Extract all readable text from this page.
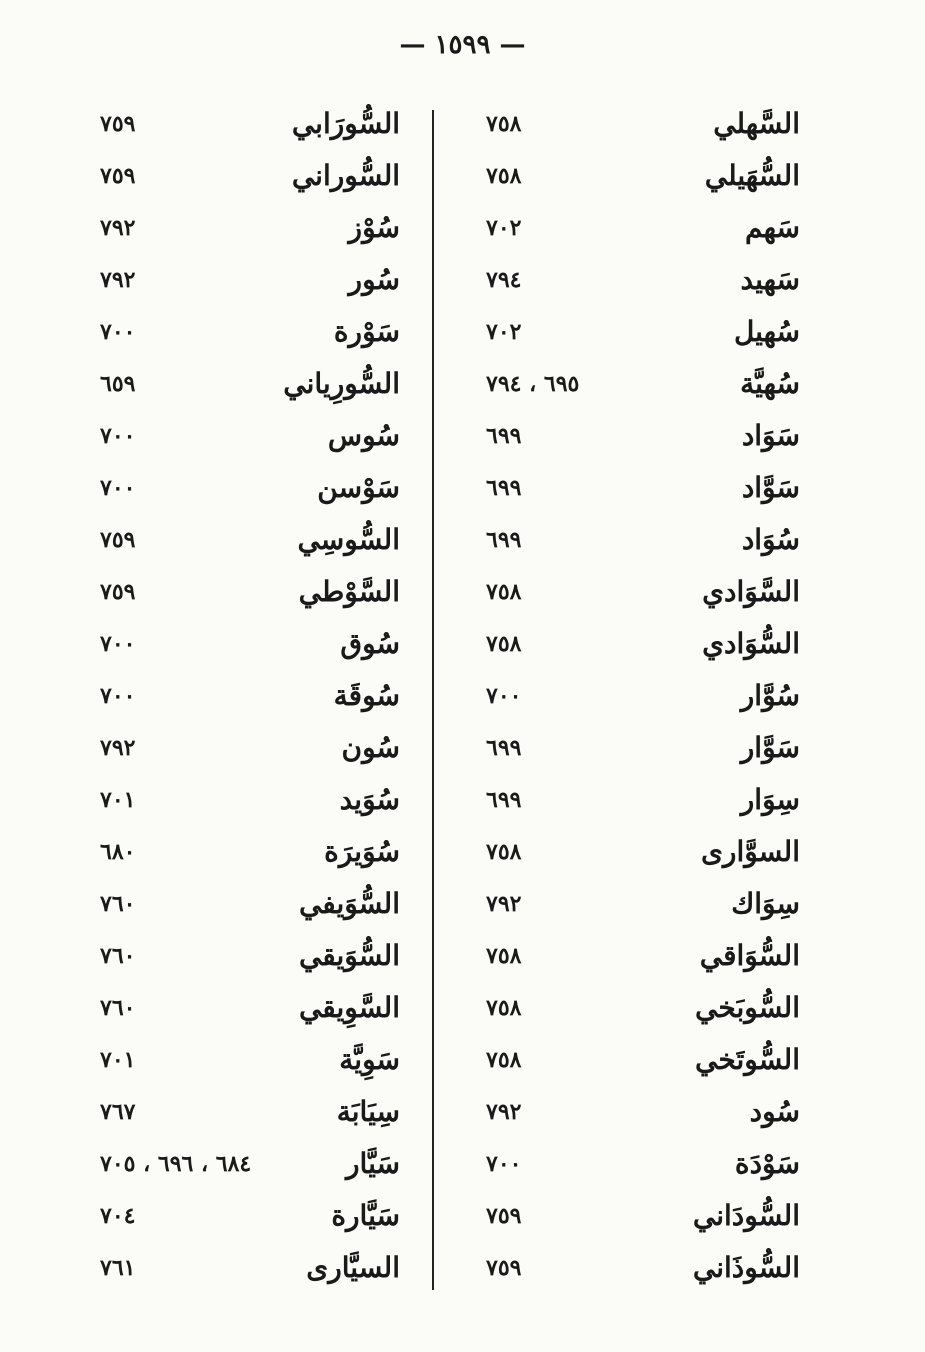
— ١٥٩٩ —
السَّهلي
٧٥٨
السُّهَيلي
٧٥٨
سَهم
٧٠٢
سَهيد
٧٩٤
سُهيل
٧٠٢
سُهيَّة
٦٩٥ ، ٧٩٤
سَوَاد
٦٩٩
سَوَّاد
٦٩٩
سُوَاد
٦٩٩
السَّوَادي
٧٥٨
السُّوَادي
٧٥٨
سُوَّار
٧٠٠
سَوَّار
٦٩٩
سِوَار
٦٩٩
السوَّارى
٧٥٨
سِوَاك
٧٩٢
السُّوَاقي
٧٥٨
السُّوبَخي
٧٥٨
السُّوتَخي
٧٥٨
سُود
٧٩٢
سَوْدَة
٧٠٠
السُّودَاني
٧٥٩
السُّوذَاني
٧٥٩
السُّورَابي
٧٥٩
السُّوراني
٧٥٩
سُوْز
٧٩٢
سُور
٧٩٢
سَوْرة
٧٠٠
السُّورِياني
٦٥٩
سُوس
٧٠٠
سَوْسن
٧٠٠
السُّوسِي
٧٥٩
السَّوْطي
٧٥٩
سُوق
٧٠٠
سُوقَة
٧٠٠
سُون
٧٩٢
سُوَيد
٧٠١
سُوَيرَة
٦٨٠
السُّوَيفي
٧٦٠
السُّوَيقي
٧٦٠
السَّوِيقي
٧٦٠
سَوِيَّة
٧٠١
سِيَابَة
٧٦٧
سَيَّار
٦٨٤ ، ٦٩٦ ، ٧٠٥
سَيَّارة
٧٠٤
السيَّارى
٧٦١
